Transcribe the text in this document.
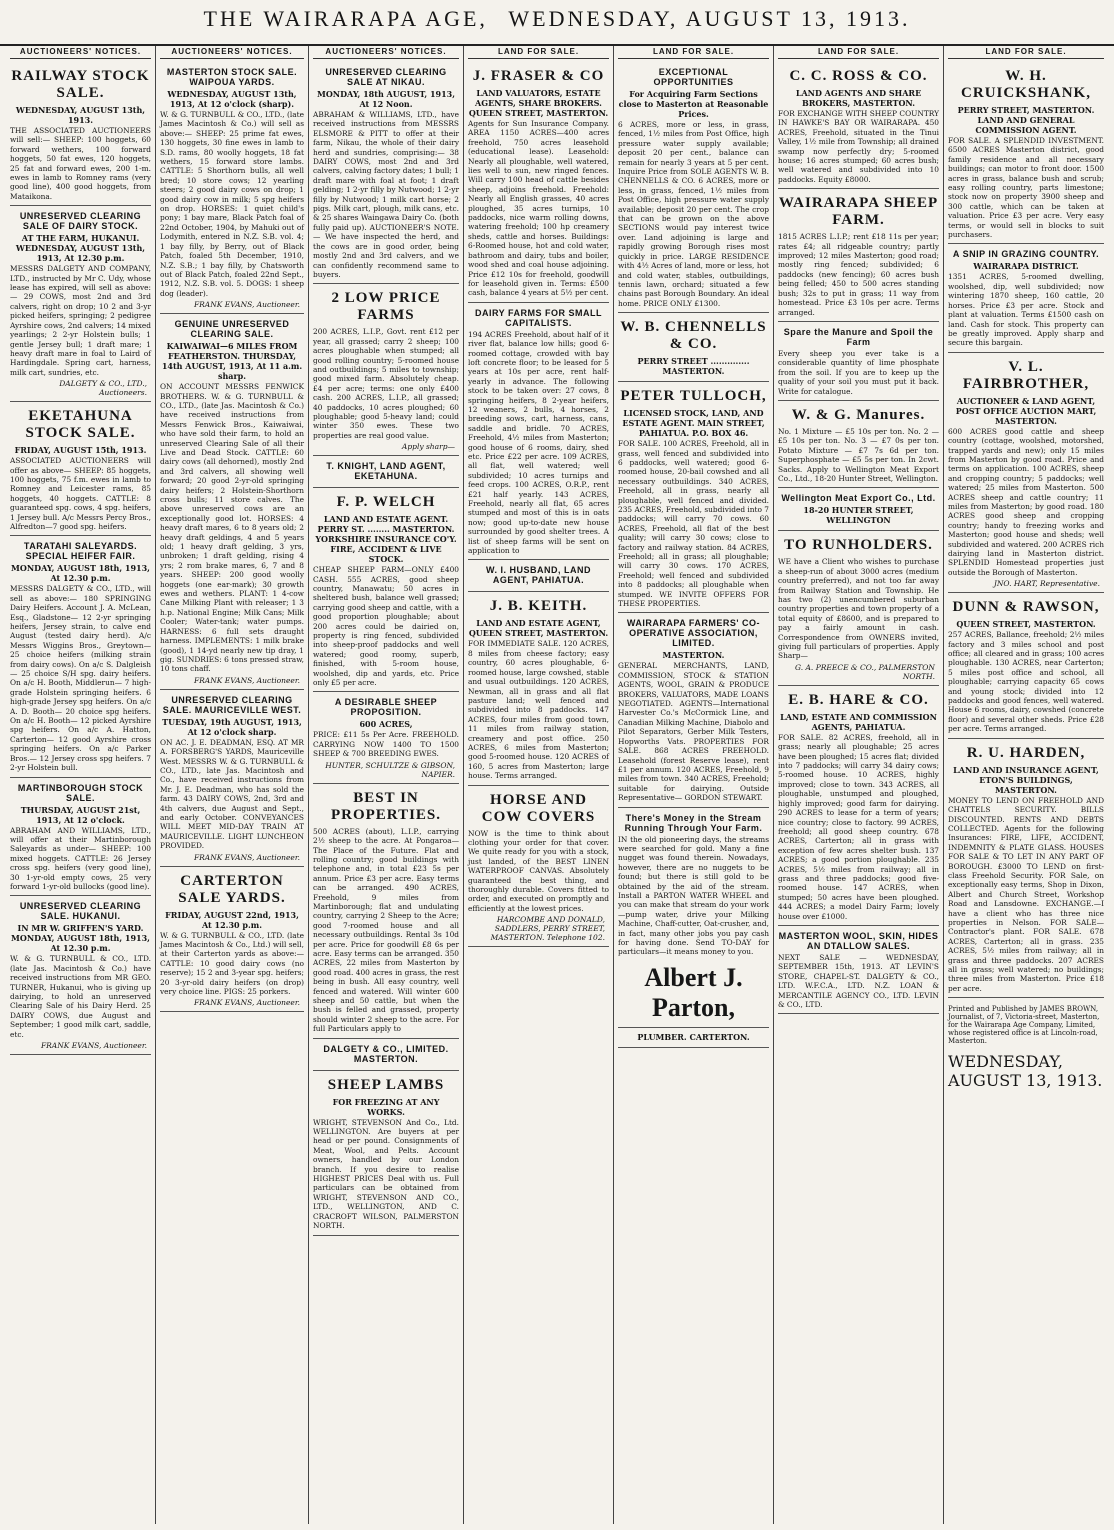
THE WAIRARAPA AGE, WEDNESDAY, AUGUST 13, 1913.
AUCTIONEERS' NOTICES.
RAILWAY STOCK SALE.
WEDNESDAY, AUGUST 13th, 1913.

THE ASSOCIATED AUCTIONEERS will sell:— SHEEP: 100 hoggets, 60 forward wethers, 100 forward hoggets, 50 fat ewes, 120 hoggets, 25 fat and forward ewes, 200 1-m. ewes in lamb to Romney rams (very good line), 400 good hoggets, from Mataikona.

UNRESERVED CLEARING SALE OF DAIRY STOCK.
AT THE FARM, HUKANUI. WEDNESDAY, AUGUST 13th, 1913, At 12.30 p.m.

MESSRS DALGETY AND COMPANY, LTD., instructed by Mr C. Udy, whose lease has expired, will sell as above:— 29 COWS, most 2nd and 3rd calvers, right on drop; 10 2 and 3-yr picked heifers, springing; 2 pedigree Ayrshire cows, 2nd calvers; 14 mixed yearlings; 2 2-yr Holstein bulls; 1 gentle Jersey bull; 1 draft mare; 1 heavy draft mare in foal to Laird of Hardingdale. Spring cart, harness, milk cart, sundries, etc.

DALGETY & CO., LTD., Auctioneers.
EKETAHUNA STOCK SALE.
FRIDAY, AUGUST 15th, 1913.

ASSOCIATED AUCTIONEERS will offer as above— SHEEP: 85 hoggets, 100 hoggets, 75 f.m. ewes in lamb to Romney and Leicester rams, 85 hoggets, 40 hoggets. CATTLE: 8 guaranteed spg. cows, 4 spg. heifers, 1 Jersey bull. A/c Messrs Percy Bros., Alfredton—7 good spg. heifers.

TARATAHI SALEYARDS. SPECIAL HEIFER FAIR.
MONDAY, AUGUST 18th, 1913, At 12.30 p.m.

MESSRS DALGETY & CO., LTD., will sell as above:— 180 SPRINGING Dairy Heifers. Account J. A. McLean, Esq., Gladstone— 12 2-yr springing heifers, Jersey strain, to calve end August (tested dairy herd). A/c Messrs Wiggins Bros., Greytown— 25 choice heifers (milking strain from dairy cows). On a/c S. Dalgleish— 25 choice S/H spg. dairy heifers. On a/c H. Booth, Middlerun— 7 high-grade Holstein springing heifers. 6 high-grade Jersey spg heifers. On a/c A. D. Booth— 20 choice spg heifers. On a/c H. Booth— 12 picked Ayrshire spg heifers. On a/c A. Hatton, Carterton— 12 good Ayrshire cross springing heifers. On a/c Parker Bros.— 12 Jersey cross spg heifers. 7 2-yr Holstein bull.

MARTINBOROUGH STOCK SALE.
THURSDAY, AUGUST 21st, 1913, At 12 o'clock.

ABRAHAM AND WILLIAMS, LTD., will offer at their Martinborough Saleyards as under— SHEEP: 100 mixed hoggets. CATTLE: 26 Jersey cross spg. heifers (very good line), 30 1-yr-old empty cows, 25 very forward 1-yr-old bullocks (good line).

UNRESERVED CLEARING SALE. HUKANUI.
IN MR W. GRIFFEN'S YARD. MONDAY, AUGUST 18th, 1913, At 12.30 p.m.

W. & G. TURNBULL & CO., LTD. (late Jas. Macintosh & Co.) have received instructions from MR GEO. TURNER, Hukanui, who is giving up dairying, to hold an unreserved Clearing Sale of his Dairy Herd. 25 DAIRY COWS, due August and September; 1 good milk cart, saddle, etc.

FRANK EVANS, Auctioneer.
AUCTIONEERS' NOTICES.
MASTERTON STOCK SALE. WAIPOUA YARDS.
WEDNESDAY, AUGUST 13th, 1913, At 12 o'clock (sharp).

W. & G. TURNBULL & CO., LTD., (late James Macintosh & Co.) will sell as above:— SHEEP: 25 prime fat ewes, 130 hoggets, 30 fine ewes in lamb to S.D. rams, 80 woolly hoggets, 18 fat wethers, 15 forward store lambs. CATTLE: 5 Shorthorn bulls, all well bred; 10 store cows; 12 yearling steers; 2 good dairy cows on drop; 1 good dairy cow in milk; 5 spg heifers on drop. HORSES: 1 quiet child's pony; 1 bay mare, Black Patch foal of 22nd October, 1904, by Mahuki out of Lodymith, entered in N.Z. S.B. vol. 4; 1 bay filly, by Berry, out of Black Patch, foaled 5th December, 1910, N.Z. S.B.; 1 bay filly, by Chatsworth out of Black Patch, foaled 22nd Sept., 1912, N.Z. S.B. vol. 5. DOGS: 1 sheep dog (leader).

FRANK EVANS, Auctioneer.
GENUINE UNRESERVED CLEARING SALE.
KAIWAIWAI—6 MILES FROM FEATHERSTON. THURSDAY, 14th AUGUST, 1913, At 11 a.m. sharp.

ON ACCOUNT MESSRS FENWICK BROTHERS. W. & G. TURNBULL & CO., LTD., (late Jas. Macintosh & Co.) have received instructions from Messrs Fenwick Bros., Kaiwaiwai, who have sold their farm, to hold an unreserved Clearing Sale of all their Live and Dead Stock. CATTLE: 60 dairy cows (all dehorned), mostly 2nd and 3rd calvers, all showing well forward; 20 good 2-yr-old springing dairy heifers; 2 Holstein-Shorthorn cross bulls; 11 store calves. The above unreserved cows are an exceptionally good lot. HORSES: 4 heavy draft mares, 6 to 8 years old; 2 heavy draft geldings, 4 and 5 years old; 1 heavy draft gelding, 3 yrs, unbroken; 1 draft gelding, rising 4 yrs; 2 rom brake mares, 6, 7 and 8 years. SHEEP: 200 good woolly hoggets (one ear-mark); 30 growth ewes and wethers. PLANT: 1 4-cow Cane Milking Plant with releaser; 1 3 h.p. National Engine; Milk Cans; Milk Cooler; Water-tank; water pumps. HARNESS: 6 full sets draught harness. IMPLEMENTS: 1 milk brake (good), 1 14-yd nearly new tip dray, 1 gig. SUNDRIES: 6 tons pressed straw, 10 tons chaff.

FRANK EVANS, Auctioneer.
UNRESERVED CLEARING SALE. MAURICEVILLE WEST.
TUESDAY, 19th AUGUST, 1913, At 12 o'clock sharp.

ON AC. J. E. DEADMAN, ESQ. AT MR A. FORSBERG'S YARDS, Mauriceville West. MESSRS W. & G. TURNBULL & CO., LTD., late Jas. Macintosh and Co., have received instructions from Mr. J. E. Deadman, who has sold the farm. 43 DAIRY COWS, 2nd, 3rd and 4th calvers, due August and Sept., and early October. CONVEYANCES WILL MEET MID-DAY TRAIN AT MAURICEVILLE. LIGHT LUNCHEON PROVIDED.

FRANK EVANS, Auctioneer.
CARTERTON SALE YARDS.
FRIDAY, AUGUST 22nd, 1913, At 12.30 p.m.

W. & G. TURNBULL & CO., LTD. (late James Macintosh & Co., Ltd.) will sell, at their Carterton yards as above:— CATTLE: 10 good dairy cows (no reserve); 15 2 and 3-year spg. heifers; 20 3-yr-old dairy heifers (on drop) very choice line. PIGS: 25 porkers.

FRANK EVANS, Auctioneer.
AUCTIONEERS' NOTICES.
UNRESERVED CLEARING SALE AT NIKAU.
MONDAY, 18th AUGUST, 1913, At 12 Noon.

ABRAHAM & WILLIAMS, LTD., have received instructions from MESSRS ELSMORE & PITT to offer at their farm, Nikau, the whole of their dairy herd and sundries, comprising:— 38 DAIRY COWS, most 2nd and 3rd calvers, calving factory dates; 1 bull; 1 draft mare with foal at foot; 1 draft gelding; 1 2-yr filly by Nutwood; 1 2-yr filly by Nutwood; 1 milk cart horse; 2 pigs. Milk cart, plough, milk cans, etc. & 25 shares Waingawa Dairy Co. (both fully paid up). AUCTIONEER'S NOTE.— We have inspected the herd, and the cows are in good order, being mostly 2nd and 3rd calvers, and we can confidently recommend same to buyers.

2 LOW PRICE FARMS

200 ACRES, L.I.P., Govt. rent £12 per year, all grassed; carry 2 sheep; 100 acres ploughable when stumped; all good rolling country; 5-roomed house and outbuildings; 5 miles to township; good mixed farm. Absolutely cheap. £4 per acre; terms: one only £400 cash. 200 ACRES, L.I.P., all grassed; 40 paddocks, 10 acres ploughed; 60 ploughable; good 5-heavy land; could winter 350 ewes. These two properties are real good value.

Apply sharp—
T. KNIGHT, LAND AGENT, EKETAHUNA.
F. P. WELCH
LAND AND ESTATE AGENT. PERRY ST. ........ MASTERTON. YORKSHIRE INSURANCE CO'Y. FIRE, ACCIDENT & LIVE STOCK.

CHEAP SHEEP FARM—ONLY £400 CASH. 555 ACRES, good sheep country, Manawatu; 50 acres in sheltered bush, balance well grassed; carrying good sheep and cattle, with a good proportion ploughable; about 200 acres could be dairied on, property is ring fenced, subdivided into sheep-proof paddocks and well watered; good roomy, superb, finished, with 5-room house, woolshed, dip and yards, etc. Price only £5 per acre.

A DESIRABLE SHEEP PROPOSITION.
600 ACRES,

PRICE: £11 5s Per Acre. FREEHOLD. CARRYING NOW 1400 TO 1500 SHEEP & 700 BREEDING EWES.

HUNTER, SCHULTZE & GIBSON, NAPIER.
BEST IN PROPERTIES.

500 ACRES (about), L.I.P., carrying 2½ sheep to the acre. At Pongaroa—The Place of the Future. Flat and rolling country; good buildings with telephone and, in total £23 5s per annum. Price £3 per acre. Easy terms can be arranged. 490 ACRES, Freehold, 9 miles from Martinborough; flat and undulating country, carrying 2 Sheep to the Acre; good 7-roomed house and all necessary outbuildings. Rental 3s 10d per acre. Price for goodwill £8 6s per acre. Easy terms can be arranged. 350 ACRES, 22 miles from Masterton by good road. 400 acres in grass, the rest being in bush. All easy country, well fenced and watered. Will winter 600 sheep and 50 cattle, but when the bush is felled and grassed, property should winter 2 sheep to the acre. For full Particulars apply to

DALGETY & CO., LIMITED. MASTERTON.
SHEEP LAMBS
FOR FREEZING AT ANY WORKS.

WRIGHT, STEVENSON And Co., Ltd. WELLINGTON. Are buyers at per head or per pound. Consignments of Meat, Wool, and Pelts. Account owners, handled by our London branch. If you desire to realise HIGHEST PRICES Deal with us. Full particulars can be obtained from WRIGHT, STEVENSON AND CO., LTD., WELLINGTON, AND C. CRACROFT WILSON, PALMERSTON NORTH.

LAND FOR SALE.
J. FRASER & CO
LAND VALUATORS, ESTATE AGENTS, SHARE BROKERS. QUEEN STREET, MASTERTON.

Agents for Sun Insurance Company. AREA 1150 ACRES—400 acres freehold, 750 acres leasehold (educational lease). Leasehold: Nearly all ploughable, well watered, lies well to sun, new ringed fences. Will carry 100 head of cattle besides sheep, adjoins freehold. Freehold: Nearly all English grasses, 40 acres ploughed, 35 acres turnips, 10 paddocks, nice warm rolling downs, watering freehold; 100 hp creamery sheds, cattle and horses. Buildings: 6-Roomed house, hot and cold water, bathroom and dairy, tubs and boiler, wood shed and coal house adjoining. Price £12 10s for freehold, goodwill for leasehold given in. Terms: £500 cash, balance 4 years at 5½ per cent.

DAIRY FARMS FOR SMALL CAPITALISTS.

194 ACRES Freehold, about half of it river flat, balance low hills; good 6-roomed cottage, crowded with bay loft concrete floor; to be leased for 5 years at 10s per acre, rent half-yearly in advance. The following stock to be taken over: 27 cows, 8 springing heifers, 8 2-year heifers, 12 weaners, 2 bulls, 4 horses, 2 breeding sows, cart, harness, cans, saddle and bridle. 70 ACRES, Freehold, 4½ miles from Masterton; good house of 6 rooms, dairy, shed etc. Price £22 per acre. 109 ACRES, all flat, well watered; well subdivided; 10 acres turnips and feed crops. 100 ACRES, O.R.P., rent £21 half yearly. 143 ACRES, Freehold, nearly all flat, 65 acres stumped and most of this is in oats now; good up-to-date new house surrounded by good shelter trees. A list of sheep farms will be sent on application to

W. I. HUSBAND, LAND AGENT, PAHIATUA.
J. B. KEITH.
LAND AND ESTATE AGENT, QUEEN STREET, MASTERTON.

FOR IMMEDIATE SALE. 120 ACRES, 8 miles from cheese factory; easy country, 60 acres ploughable, 6-roomed house, large cowshed, stable and usual outbuildings. 120 ACRES, Newman, all in grass and all flat pasture land; well fenced and subdivided into 8 paddocks. 147 ACRES, four miles from good town, 11 miles from railway station, creamery and post office. 250 ACRES, 6 miles from Masterton; good 5-roomed house. 120 ACRES of 160, 5 acres from Masterton; large house. Terms arranged.

HORSE AND COW COVERS

NOW is the time to think about clothing your order for that cover. We quite ready for you with a stock, just landed, of the BEST LINEN WATERPROOF CANVAS. Absolutely guaranteed the best thing, and thoroughly durable. Covers fitted to order, and executed on promptly and efficiently at the lowest prices.

HARCOMBE AND DONALD, SADDLERS, PERRY STREET, MASTERTON. Telephone 102.
LAND FOR SALE.
EXCEPTIONAL OPPORTUNITIES
For Acquiring Farm Sections close to Masterton at Reasonable Prices.

6 ACRES, more or less, in grass, fenced, 1½ miles from Post Office, high pressure water supply available; deposit 20 per cent., balance can remain for nearly 3 years at 5 per cent. Inquire Price from SOLE AGENTS W. B. CHENNELLS & CO. 6 ACRES, more or less, in grass, fenced, 1½ miles from Post Office, high pressure water supply available; deposit 20 per cent. The crop that can be grown on the above SECTIONS would pay interest twice over. Land adjoining is large and rapidly growing Borough rises most quickly in price. LARGE RESIDENCE with 4½ Acres of land, more or less, hot and cold water, stables, outbuildings, tennis lawn, orchard; situated a few chains past Borough Boundary. An ideal home. PRICE ONLY £1300.

W. B. CHENNELLS & CO.
PERRY STREET .............. MASTERTON.
PETER TULLOCH,
LICENSED STOCK, LAND, AND ESTATE AGENT. MAIN STREET, PAHIATUA. P.O. BOX 46.

FOR SALE. 100 ACRES, Freehold, all in grass, well fenced and subdivided into 6 paddocks, well watered; good 6-roomed house, 20-bail cowshed and all necessary outbuildings. 340 ACRES, Freehold, all in grass, nearly all ploughable, well fenced and divided. 235 ACRES, Freehold, subdivided into 7 paddocks; will carry 70 cows. 60 ACRES, Freehold, all flat of the best quality; will carry 30 cows; close to factory and railway station. 84 ACRES, Freehold; all in grass; all ploughable; will carry 30 cows. 170 ACRES, Freehold; well fenced and subdivided into 8 paddocks; all ploughable when stumped. WE INVITE OFFERS FOR THESE PROPERTIES.

WAIRARAPA FARMERS' CO-OPERATIVE ASSOCIATION, LIMITED.
MASTERTON.

GENERAL MERCHANTS, LAND, COMMISSION, STOCK & STATION AGENTS, WOOL, GRAIN & PRODUCE BROKERS, VALUATORS, MADE LOANS NEGOTIATED. AGENTS—International Harvester Co.'s McCormick Line, and Canadian Milking Machine, Diabolo and Pilot Separators, Gerber Milk Testers, Hopworths Vats. PROPERTIES FOR SALE. 868 ACRES FREEHOLD. Leasehold (forest Reserve lease), rent £1 per annum. 120 ACRES, Freehold, 9 miles from town. 340 ACRES, Freehold; suitable for dairying. Outside Representative— GORDON STEWART.

There's Money in the Stream Running Through Your Farm.

IN the old pioneering days, the streams were searched for gold. Many a fine nugget was found therein. Nowadays, however, there are no nuggets to be found; but there is still gold to be obtained by the aid of the stream. Install a PARTON WATER WHEEL and you can make that stream do your work—pump water, drive your Milking Machine, Chaff-cutter, Oat-crusher, and, in fact, many other jobs you pay cash for having done. Send TO-DAY for particulars—it means money to you.

Albert J. Parton,
PLUMBER. CARTERTON.
LAND FOR SALE.
C. C. ROSS & CO.
LAND AGENTS AND SHARE BROKERS, MASTERTON.

FOR EXCHANGE WITH SHEEP COUNTRY IN HAWKE'S BAY OR WAIRARAPA. 450 ACRES, Freehold, situated in the Tinui Valley, 1½ mile from Township; all drained swamp now perfectly dry; 5-roomed house; 16 acres stumped; 60 acres bush; well watered and subdivided into 10 paddocks. Equity £8000.

WAIRARAPA SHEEP FARM.

1815 ACRES L.I.P.; rent £18 11s per year; rates £4; all ridgeable country; partly improved; 12 miles Masterton; good road; mostly ring fenced; subdivided; 6 paddocks (new fencing); 60 acres bush being felled; 450 to 500 acres standing bush; 32s to put in grass; 11 way from homestead. Price £3 10s per acre. Terms arranged.

Spare the Manure and Spoil the Farm

Every sheep you ever take is a considerable quantity of lime phosphate from the soil. If you are to keep up the quality of your soil you must put it back. Write for catalogue.

W. & G. Manures.

No. 1 Mixture — £5 10s per ton. No. 2 — £5 10s per ton. No. 3 — £7 0s per ton. Potato Mixture — £7 7s 6d per ton. Superphosphate — £5 5s per ton. In 2cwt. Sacks. Apply to Wellington Meat Export Co., Ltd., 18-20 Hunter Street, Wellington.

Wellington Meat Export Co., Ltd.
18-20 HUNTER STREET, WELLINGTON
TO RUNHOLDERS.

WE have a Client who wishes to purchase a sheep-run of about 3000 acres (medium country preferred), and not too far away from Railway Station and Township. He has two (2) unencumbered suburban country properties and town property of a total equity of £8600, and is prepared to pay a fairly amount in cash. Correspondence from OWNERS invited, giving full particulars of properties. Apply Sharp—

G. A. PREECE & CO., PALMERSTON NORTH.
E. B. HARE & CO.
LAND, ESTATE AND COMMISSION AGENTS, PAHIATUA.

FOR SALE. 82 ACRES, freehold, all in grass; nearly all ploughable; 25 acres have been ploughed; 15 acres flat; divided into 7 paddocks; will carry 34 dairy cows; 5-roomed house. 10 ACRES, highly improved; close to town. 343 ACRES, all ploughable, unstumped and ploughed, highly improved; good farm for dairying. 290 ACRES to lease for a term of years; nice country; close to factory. 99 ACRES, freehold; all good sheep country. 678 ACRES, Carterton; all in grass with exception of few acres shelter bush. 137 ACRES; a good portion ploughable. 235 ACRES, 5½ miles from railway; all in grass and three paddocks; good five-roomed house. 147 ACRES, when stumped; 50 acres have been ploughed. 444 ACRES; a model Dairy Farm; lovely house over £1000.

MASTERTON WOOL, SKIN, HIDES AN DTALLOW SALES.

NEXT SALE — WEDNESDAY, SEPTEMBER 15th, 1913. AT LEVIN'S STORE, CHAPEL-ST. DALGETY & CO., LTD. W.F.C.A., LTD. N.Z. LOAN & MERCANTILE AGENCY CO., LTD. LEVIN & CO., LTD.

LAND FOR SALE.
W. H. CRUICKSHANK,
PERRY STREET, MASTERTON. LAND AND GENERAL COMMISSION AGENT.

FOR SALE. A SPLENDID INVESTMENT. 6500 ACRES Masterton district, good family residence and all necessary buildings; can motor to front door. 1500 acres in grass, balance bush and scrub; easy rolling country, parts limestone; stock now on property 3900 sheep and 300 cattle, which can be taken at valuation. Price £3 per acre. Very easy terms, or would sell in blocks to suit purchasers.

A SNIP IN GRAZING COUNTRY.
WAIRARAPA DISTRICT.

1351 ACRES, 5-roomed dwelling, woolshed, dip, well subdivided; now wintering 1870 sheep, 160 cattle, 20 horses. Price £3 per acre. Stock and plant at valuation. Terms £1500 cash on land. Cash for stock. This property can be greatly improved. Apply sharp and secure this bargain.

V. L. FAIRBROTHER,
AUCTIONEER & LAND AGENT, POST OFFICE AUCTION MART, MASTERTON.

600 ACRES good cattle and sheep country (cottage, woolshed, motorshed, trapped yards and new); only 15 miles from Masterton by good road. Price and terms on application. 100 ACRES, sheep and cropping country; 5 paddocks; well watered; 25 miles from Masterton. 500 ACRES sheep and cattle country; 11 miles from Masterton; by good road. 180 ACRES good sheep and cropping country; handy to freezing works and Masterton; good house and sheds; well subdivided and watered. 200 ACRES rich dairying land in Masterton district. SPLENDID Homestead properties just outside the Borough of Masterton.

JNO. HART, Representative.
DUNN & RAWSON,
QUEEN STREET, MASTERTON.

257 ACRES, Ballance, freehold; 2½ miles factory and 3 miles school and post office; all cleared and in grass; 100 acres ploughable. 130 ACRES, near Carterton; 5 miles post office and school, all ploughable; carrying capacity 65 cows and young stock; divided into 12 paddocks and good fences, well watered. House 6 rooms, dairy, cowshed (concrete floor) and several other sheds. Price £28 per acre. Terms arranged.

R. U. HARDEN,
LAND AND INSURANCE AGENT, ETON'S BUILDINGS, MASTERTON.

MONEY TO LEND ON FREEHOLD AND CHATTELS SECURITY. BILLS DISCOUNTED. RENTS AND DEBTS COLLECTED. Agents for the following Insurances: FIRE, LIFE, ACCIDENT, INDEMNITY & PLATE GLASS. HOUSES FOR SALE & TO LET IN ANY PART OF BOROUGH. £3000 TO LEND on first-class Freehold Security. FOR Sale, on exceptionally easy terms, Shop in Dixon, Albert and Church Street, Workshop Road and Lansdowne. EXCHANGE.—I have a client who has three nice properties in Nelson. FOR SALE—Contractor's plant. FOR SALE. 678 ACRES, Carterton; all in grass. 235 ACRES, 5½ miles from railway; all in grass and three paddocks. 207 ACRES all in grass; well watered; no buildings; three miles from Masterton. Price £18 per acre.

Printed and Published by JAMES BROWN, Journalist, of 7, Victoria-street, Masterton, for the Wairarapa Age Company, Limited, whose registered office is at Lincoln-road, Masterton.

WEDNESDAY, AUGUST 13, 1913.
